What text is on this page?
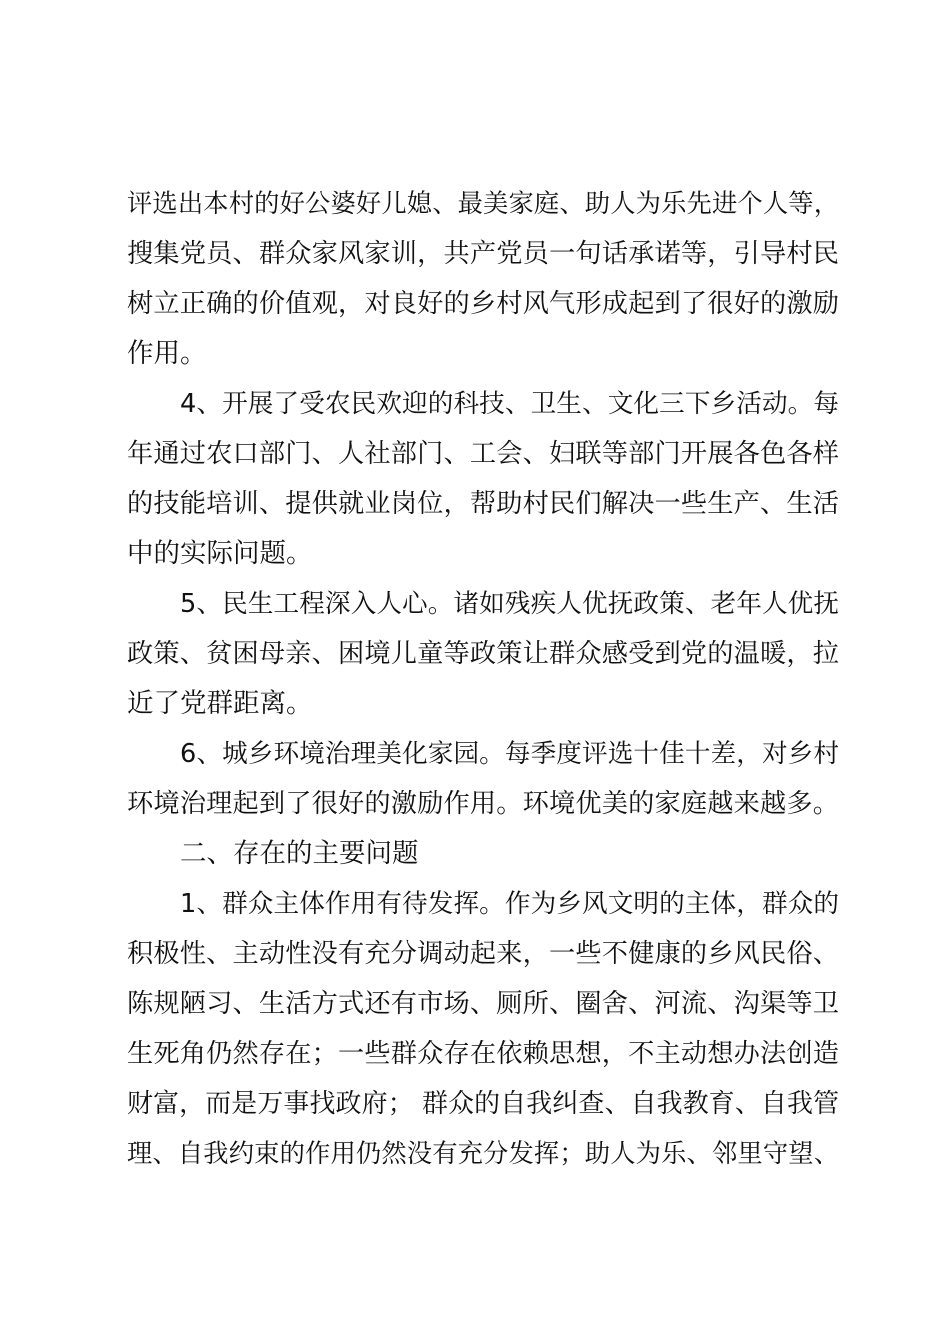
评选出本村的好公婆好儿媳、最美家庭、助人为乐先进个人等，
搜集党员、群众家风家训，共产党员一句话承诺等，引导村民
树立正确的价值观，对良好的乡村风气形成起到了很好的激励
作用。
4、开展了受农民欢迎的科技、卫生、文化三下乡活动。每
年通过农口部门、人社部门、工会、妇联等部门开展各色各样
的技能培训、提供就业岗位，帮助村民们解决一些生产、生活
中的实际问题。
5、民生工程深入人心。诸如残疾人优抚政策、老年人优抚
政策、贫困母亲、困境儿童等政策让群众感受到党的温暖，拉
近了党群距离。
6、城乡环境治理美化家园。每季度评选十佳十差，对乡村
环境治理起到了很好的激励作用。环境优美的家庭越来越多。
二、存在的主要问题
1、群众主体作用有待发挥。作为乡风文明的主体，群众的
积极性、主动性没有充分调动起来，一些不健康的乡风民俗、
陈规陋习、生活方式还有市场、厕所、圈舍、河流、沟渠等卫
生死角仍然存在；一些群众存在依赖思想，不主动想办法创造
财富，而是万事找政府； 群众的自我纠查、自我教育、自我管
理、自我约束的作用仍然没有充分发挥；助人为乐、邻里守望、
